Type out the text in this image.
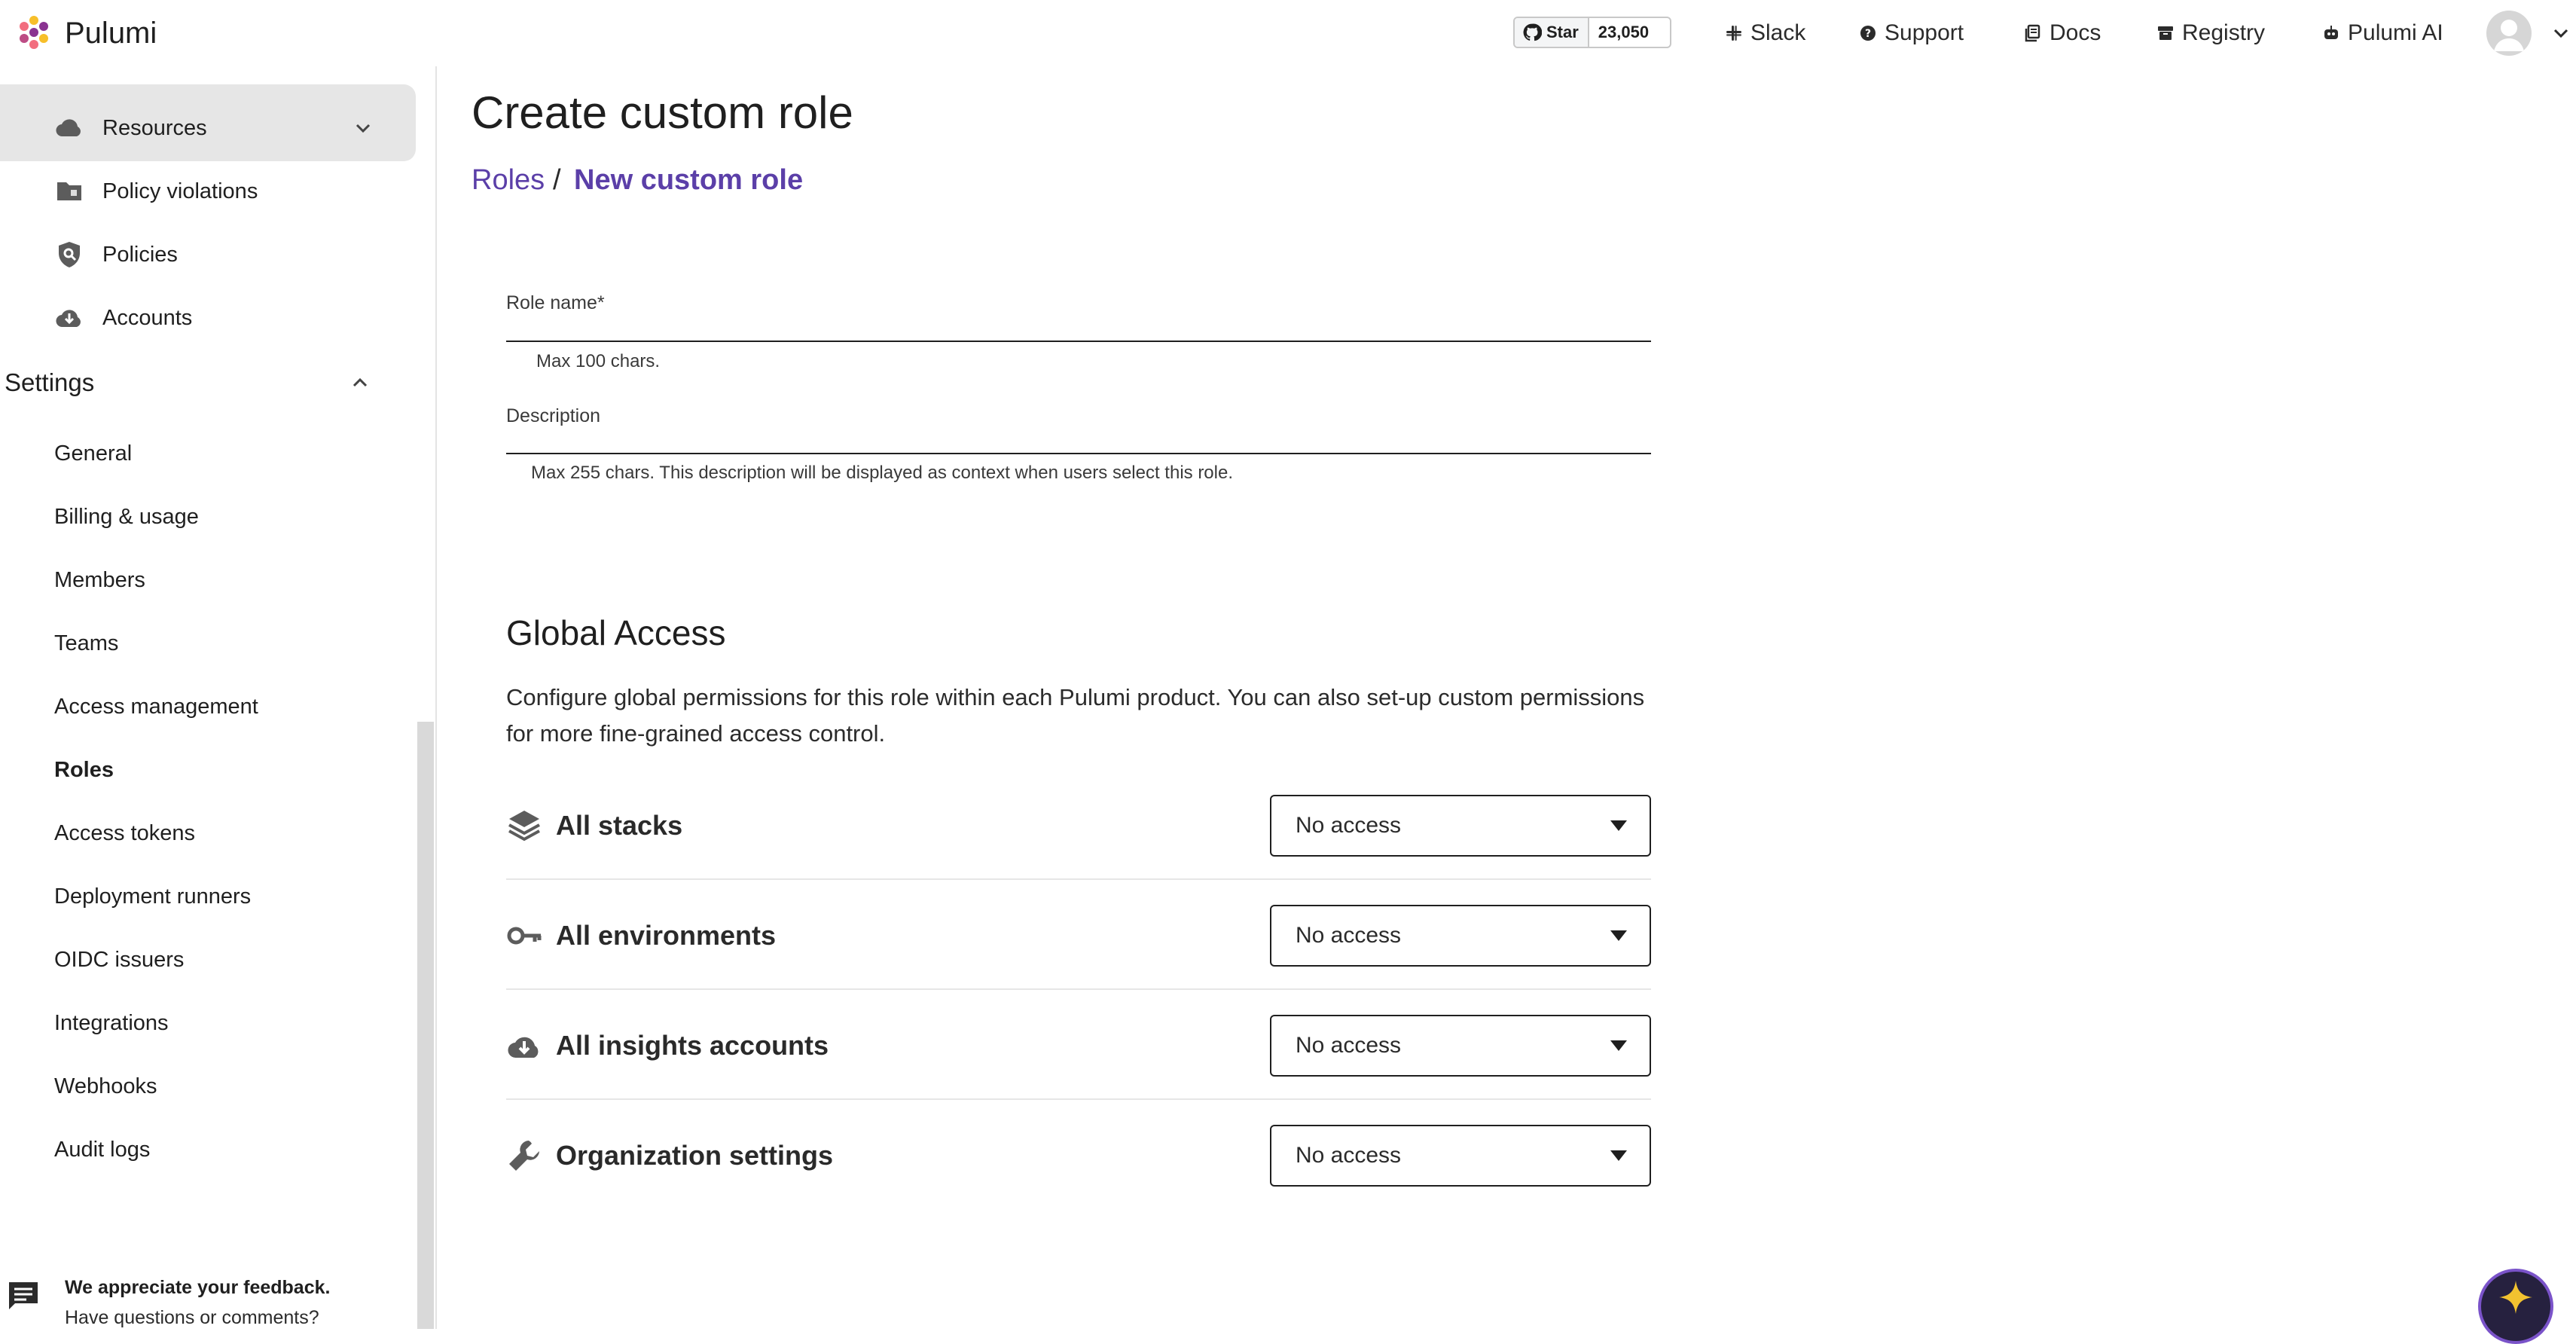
Pulumi	Star	23,050	Slack	? Support	Docs	Registry	Pulumi AI
Resources
Policy violations
Policies
Accounts
Settings
General
Billing & usage
Members
Teams
Access management
Roles
Access tokens
Deployment runners
OIDC issuers
Integrations
Webhooks
Audit logs
We appreciate your feedback.
Have questions or comments?
Create custom role
Roles / New custom role
Role name*
Max 100 chars.
Description
Max 255 chars. This description will be displayed as context when users select this role.
Global Access
Configure global permissions for this role within each Pulumi product. You can also set-up custom permissions for more fine-grained access control.
All stacks	No access
All environments	No access
All insights accounts	No access
Organization settings	No access
